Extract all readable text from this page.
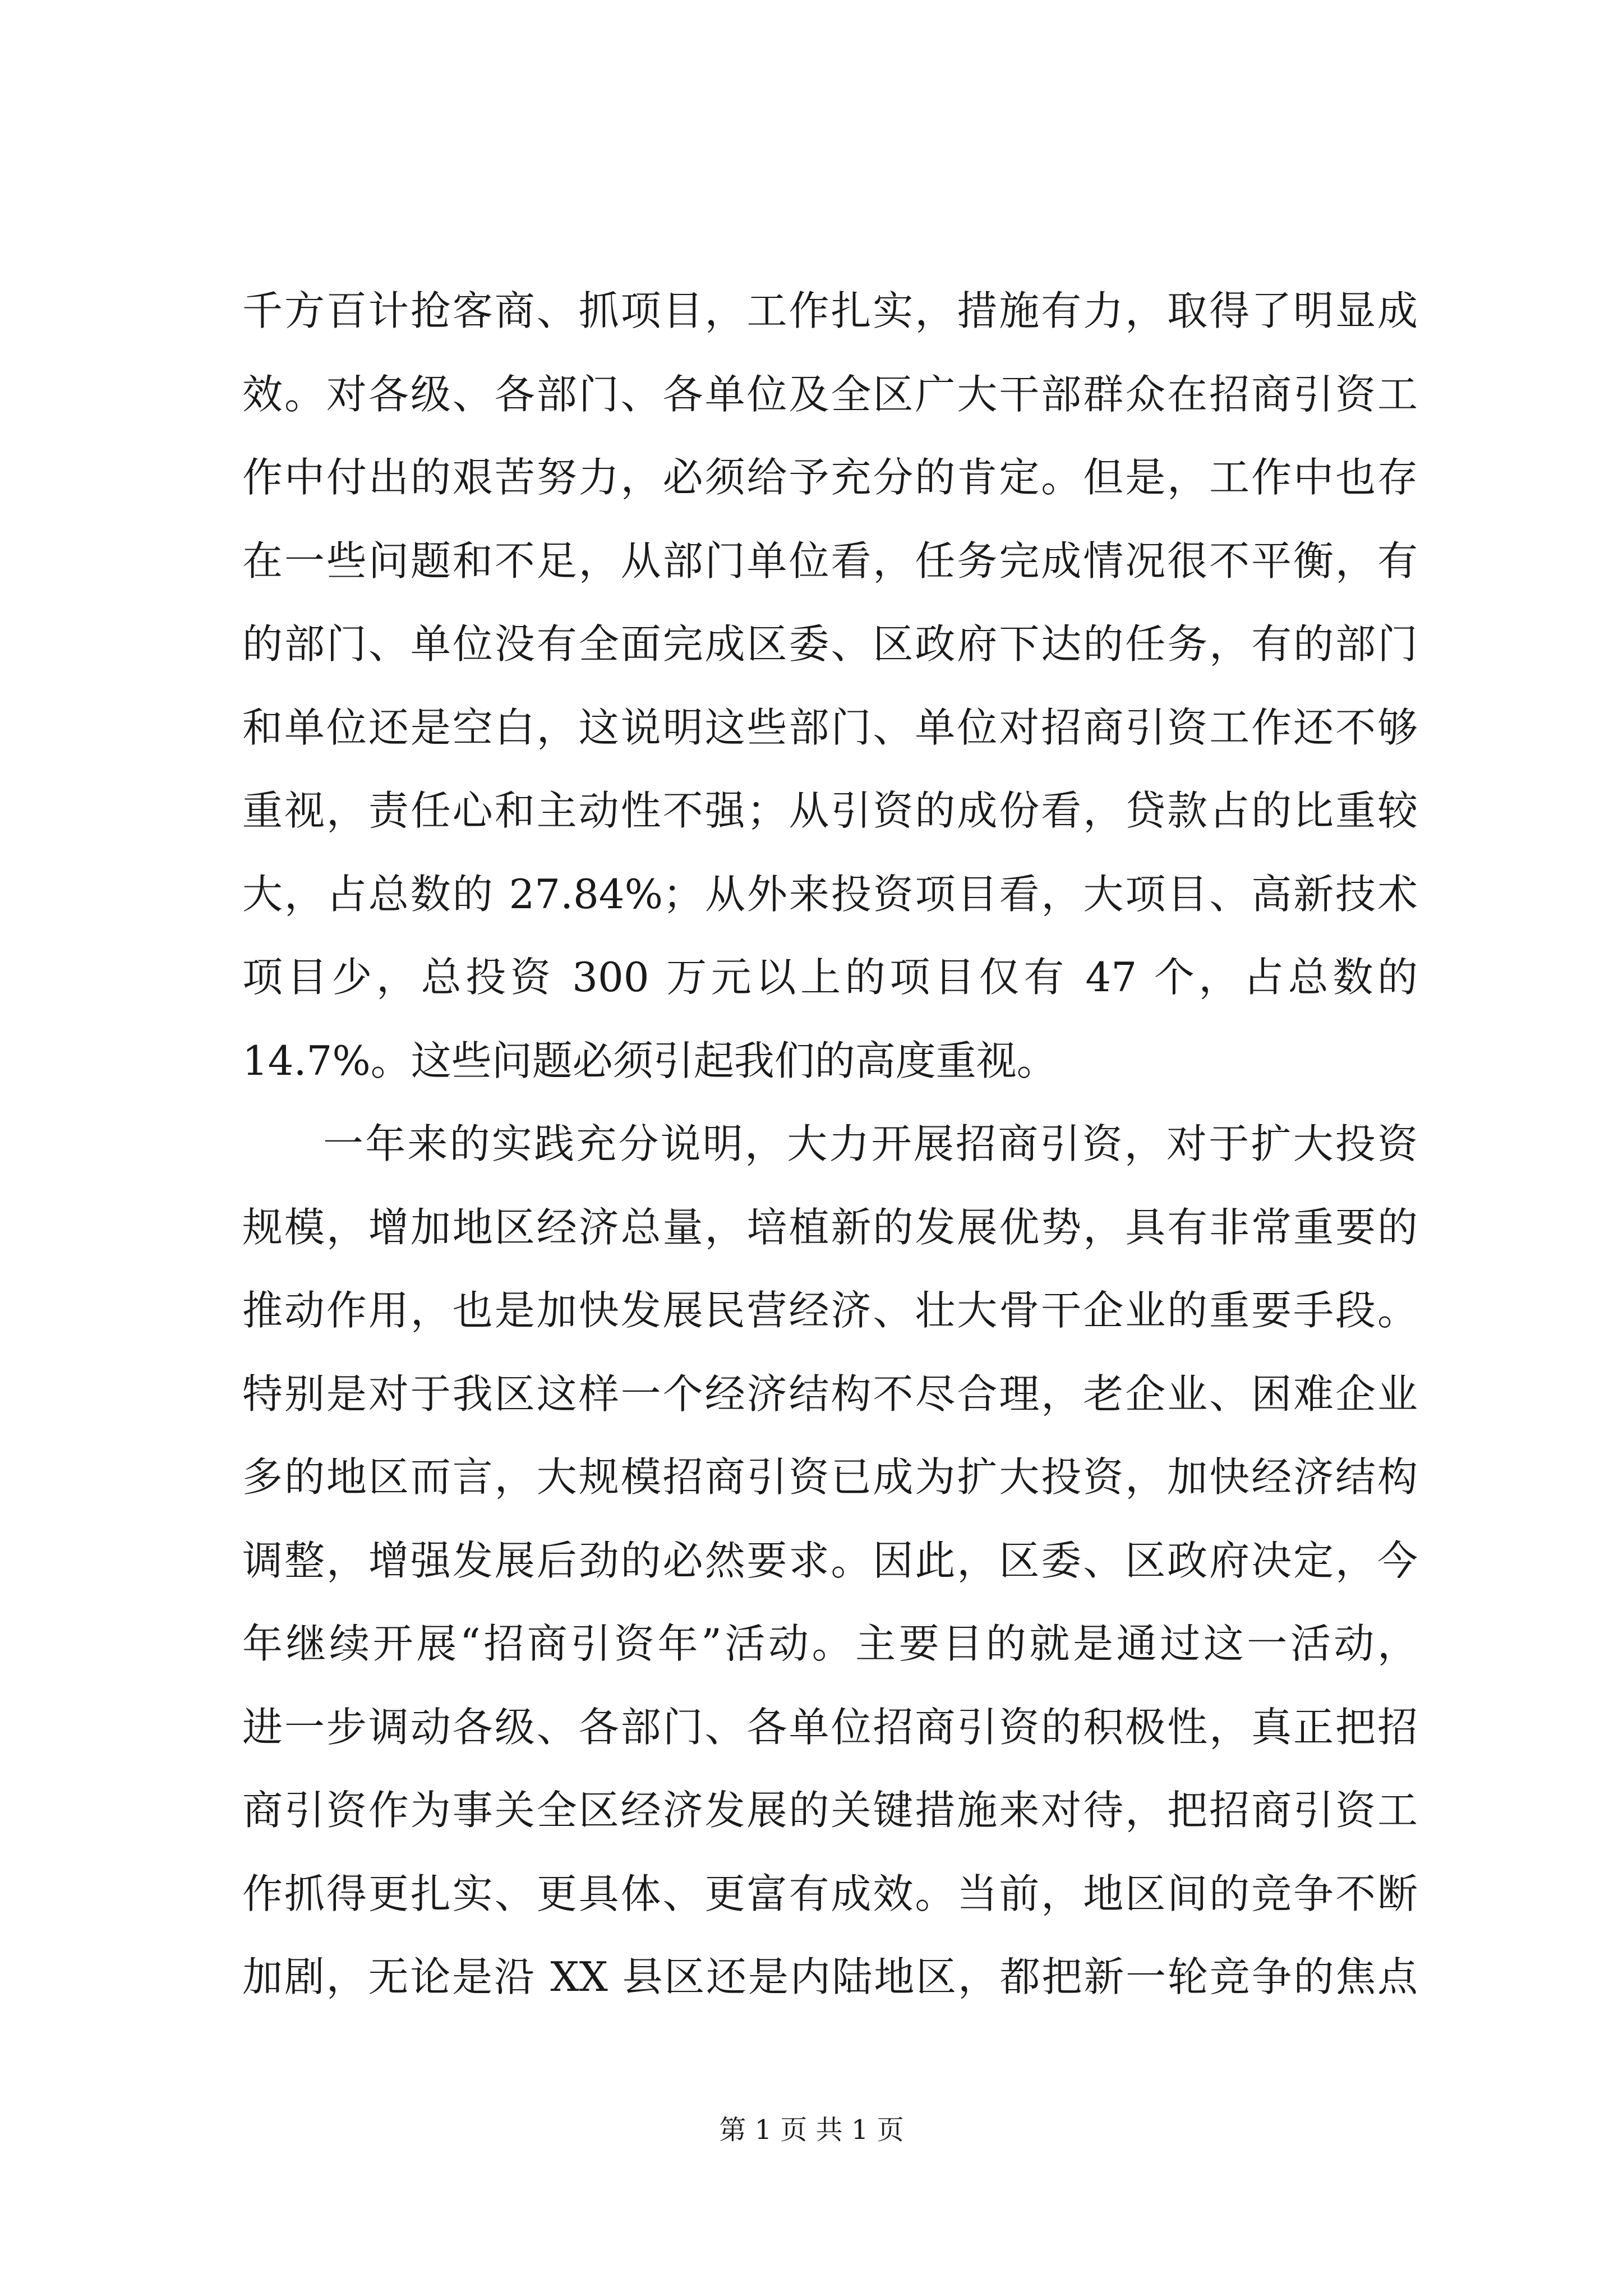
千方百计抢客商、抓项目，工作扎实，措施有力，取得了明显成
效。对各级、各部门、各单位及全区广大干部群众在招商引资工
作中付出的艰苦努力，必须给予充分的肯定。但是，工作中也存
在一些问题和不足，从部门单位看，任务完成情况很不平衡，有
的部门、单位没有全面完成区委、区政府下达的任务，有的部门
和单位还是空白，这说明这些部门、单位对招商引资工作还不够
重视，责任心和主动性不强；从引资的成份看，贷款占的比重较
大，占总数的 27.84%；从外来投资项目看，大项目、高新技术
项目少，总投资 300 万元以上的项目仅有 47 个，占总数的
14.7%。这些问题必须引起我们的高度重视。
一年来的实践充分说明，大力开展招商引资，对于扩大投资
规模，增加地区经济总量，培植新的发展优势，具有非常重要的
推动作用，也是加快发展民营经济、壮大骨干企业的重要手段。
特别是对于我区这样一个经济结构不尽合理，老企业、困难企业
多的地区而言，大规模招商引资已成为扩大投资，加快经济结构
调整，增强发展后劲的必然要求。因此，区委、区政府决定，今
年继续开展“招商引资年”活动。主要目的就是通过这一活动，
进一步调动各级、各部门、各单位招商引资的积极性，真正把招
商引资作为事关全区经济发展的关键措施来对待，把招商引资工
作抓得更扎实、更具体、更富有成效。当前，地区间的竞争不断
加剧，无论是沿 XX 县区还是内陆地区，都把新一轮竞争的焦点
第 1 页 共 1 页
